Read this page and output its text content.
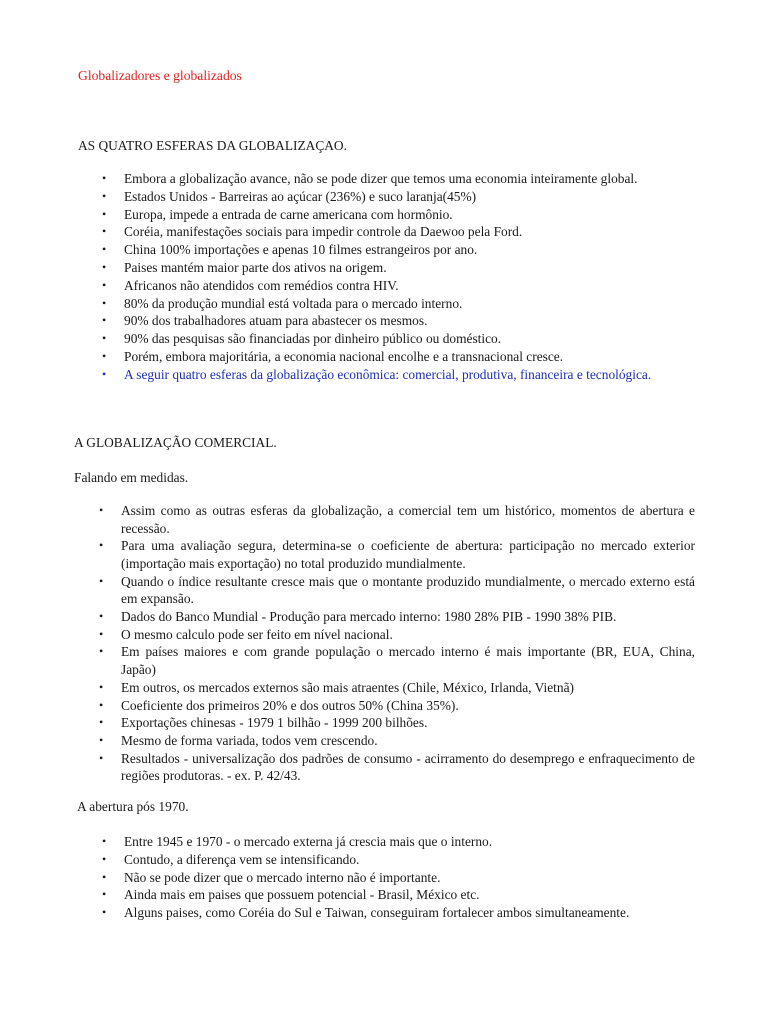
Globalizadores e globalizados
AS QUATRO ESFERAS DA GLOBALIZAÇAO.
• Embora a globalização avance, não se pode dizer que temos uma economia inteiramente global.
• Estados Unidos - Barreiras ao açúcar (236%) e suco laranja(45%)
• Europa, impede a entrada de carne americana com hormônio.
• Coréia, manifestações sociais para impedir controle da Daewoo pela Ford.
• China 100% importações e apenas 10 filmes estrangeiros por ano.
• Paises mantém maior parte dos ativos na origem.
• Africanos não atendidos com remédios contra HIV.
• 80% da produção mundial está voltada para o mercado interno.
• 90% dos trabalhadores atuam para abastecer os mesmos.
• 90% das pesquisas são financiadas por dinheiro público ou doméstico.
• Porém, embora majoritária, a economia nacional encolhe e a transnacional cresce.
• A seguir quatro esferas da globalização econômica: comercial, produtiva, financeira e tecnológica.
A GLOBALIZAÇÃO COMERCIAL.
Falando em medidas.
• Assim como as outras esferas da globalização, a comercial tem um histórico, momentos de abertura e recessão.
• Para uma avaliação segura, determina-se o coeficiente de abertura: participação no mercado exterior (importação mais exportação) no total produzido mundialmente.
• Quando o índice resultante cresce mais que o montante produzido mundialmente, o mercado externo está em expansão.
• Dados do Banco Mundial - Produção para mercado interno: 1980 28% PIB - 1990 38% PIB.
• O mesmo calculo pode ser feito em nível nacional.
• Em países maiores e com grande população o mercado interno é mais importante (BR, EUA, China, Japão)
• Em outros, os mercados externos são mais atraentes (Chile, México, Irlanda, Vietnã)
• Coeficiente dos primeiros 20% e dos outros 50% (China 35%).
• Exportações chinesas - 1979 1 bilhão - 1999 200 bilhões.
• Mesmo de forma variada, todos vem crescendo.
• Resultados - universalização dos padrões de consumo - acirramento do desemprego e enfraquecimento de regiões produtoras. - ex. P. 42/43.
A abertura pós 1970.
• Entre 1945 e 1970 - o mercado externa já crescia mais que o interno.
• Contudo, a diferença vem se intensificando.
• Não se pode dizer que o mercado interno não é importante.
• Ainda mais em paises que possuem potencial - Brasil, México etc.
• Alguns paises, como Coréia do Sul e Taiwan, conseguiram fortalecer ambos simultaneamente.
